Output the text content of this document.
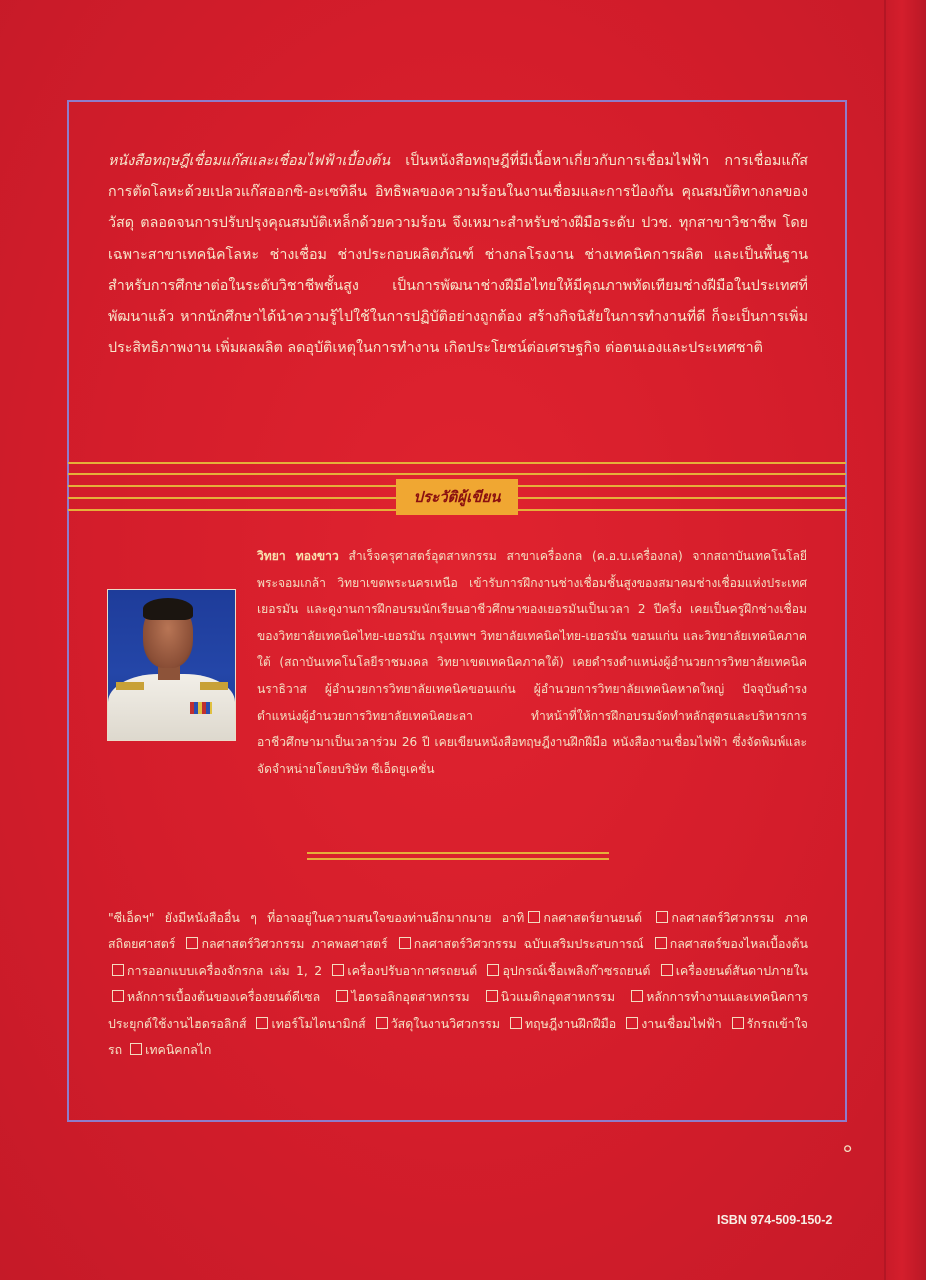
หนังสือทฤษฎีเชื่อมแก๊สและเชื่อมไฟฟ้าเบื้องต้น เป็นหนังสือทฤษฎีที่มีเนื้อหาเกี่ยวกับการเชื่อมไฟฟ้า การเชื่อมแก๊ส การตัดโลหะด้วยเปลวแก๊สออกซิ-อะเซทิลีน อิทธิพลของความร้อนในงานเชื่อมและการป้องกัน คุณสมบัติทางกลของวัสดุ ตลอดจนการปรับปรุงคุณสมบัติเหล็กด้วยความร้อน จึงเหมาะสำหรับช่างฝีมือระดับ ปวช. ทุกสาขาวิชาชีพ โดยเฉพาะสาขาเทคนิคโลหะ ช่างเชื่อม ช่างประกอบผลิตภัณฑ์ ช่างกลโรงงาน ช่างเทคนิคการผลิต และเป็นพื้นฐานสำหรับการศึกษาต่อในระดับวิชาชีพชั้นสูง เป็นการพัฒนาช่างฝีมือไทยให้มีคุณภาพทัดเทียมช่างฝีมือในประเทศที่พัฒนาแล้ว หากนักศึกษาได้นำความรู้ไปใช้ในการปฏิบัติอย่างถูกต้อง สร้างกิจนิสัยในการทำงานที่ดี ก็จะเป็นการเพิ่มประสิทธิภาพงาน เพิ่มผลผลิต ลดอุบัติเหตุในการทำงาน เกิดประโยชน์ต่อเศรษฐกิจ ต่อตนเองและประเทศชาติ
ประวัติผู้เขียน
วิทยา ทองขาว สำเร็จครุศาสตร์อุตสาหกรรม สาขาเครื่องกล (ค.อ.บ.เครื่องกล) จากสถาบันเทคโนโลยีพระจอมเกล้า วิทยาเขตพระนครเหนือ เข้ารับการฝึกงานช่างเชื่อมชั้นสูงของสมาคมช่างเชื่อมแห่งประเทศเยอรมัน และดูงานการฝึกอบรมนักเรียนอาชีวศึกษาของเยอรมันเป็นเวลา 2 ปีครึ่ง เคยเป็นครูฝึกช่างเชื่อมของวิทยาลัยเทคนิคไทย-เยอรมัน กรุงเทพฯ วิทยาลัยเทคนิคไทย-เยอรมัน ขอนแก่น และวิทยาลัยเทคนิคภาคใต้ (สถาบันเทคโนโลยีราชมงคล วิทยาเขตเทคนิคภาคใต้) เคยดำรงตำแหน่งผู้อำนวยการวิทยาลัยเทคนิคนราธิวาส ผู้อำนวยการวิทยาลัยเทคนิคขอนแก่น ผู้อำนวยการวิทยาลัยเทคนิคหาดใหญ่ ปัจจุบันดำรงตำแหน่งผู้อำนวยการวิทยาลัยเทคนิคยะลา ทำหน้าที่ให้การฝึกอบรมจัดทำหลักสูตรและบริหารการอาชีวศึกษามาเป็นเวลาร่วม 26 ปี เคยเขียนหนังสือทฤษฎีงานฝึกฝีมือ หนังสืองานเชื่อมไฟฟ้า ซึ่งจัดพิมพ์และจัดจำหน่ายโดยบริษัท ซีเอ็ดยูเคชั่น
"ซีเอ็ดฯ" ยังมีหนังสืออื่น ๆ ที่อาจอยู่ในความสนใจของท่านอีกมากมาย อาทิ กลศาสตร์ยานยนต์ กลศาสตร์วิศวกรรม ภาคสถิตยศาสตร์ กลศาสตร์วิศวกรรม ภาคพลศาสตร์ กลศาสตร์วิศวกรรม ฉบับเสริมประสบการณ์ กลศาสตร์ของไหลเบื้องต้น การออกแบบเครื่องจักรกล เล่ม 1, 2 เครื่องปรับอากาศรถยนต์ อุปกรณ์เชื้อเพลิงก๊าซรถยนต์ เครื่องยนต์สันดาปภายใน หลักการเบื้องต้นของเครื่องยนต์ดีเซล	ไฮดรอลิกอุตสาหกรรม	นิวแมติกอุตสาหกรรม	หลักการทำงานและเทคนิคการประยุกต์ใช้งานไฮดรอลิกส์ เทอร์โมไดนามิกส์ วัสดุในงานวิศวกรรม ทฤษฎีงานฝึกฝีมือ งานเชื่อมไฟฟ้า รักรถเข้าใจรถ เทคนิคกลไก
๐
ISBN 974-509-150-2
